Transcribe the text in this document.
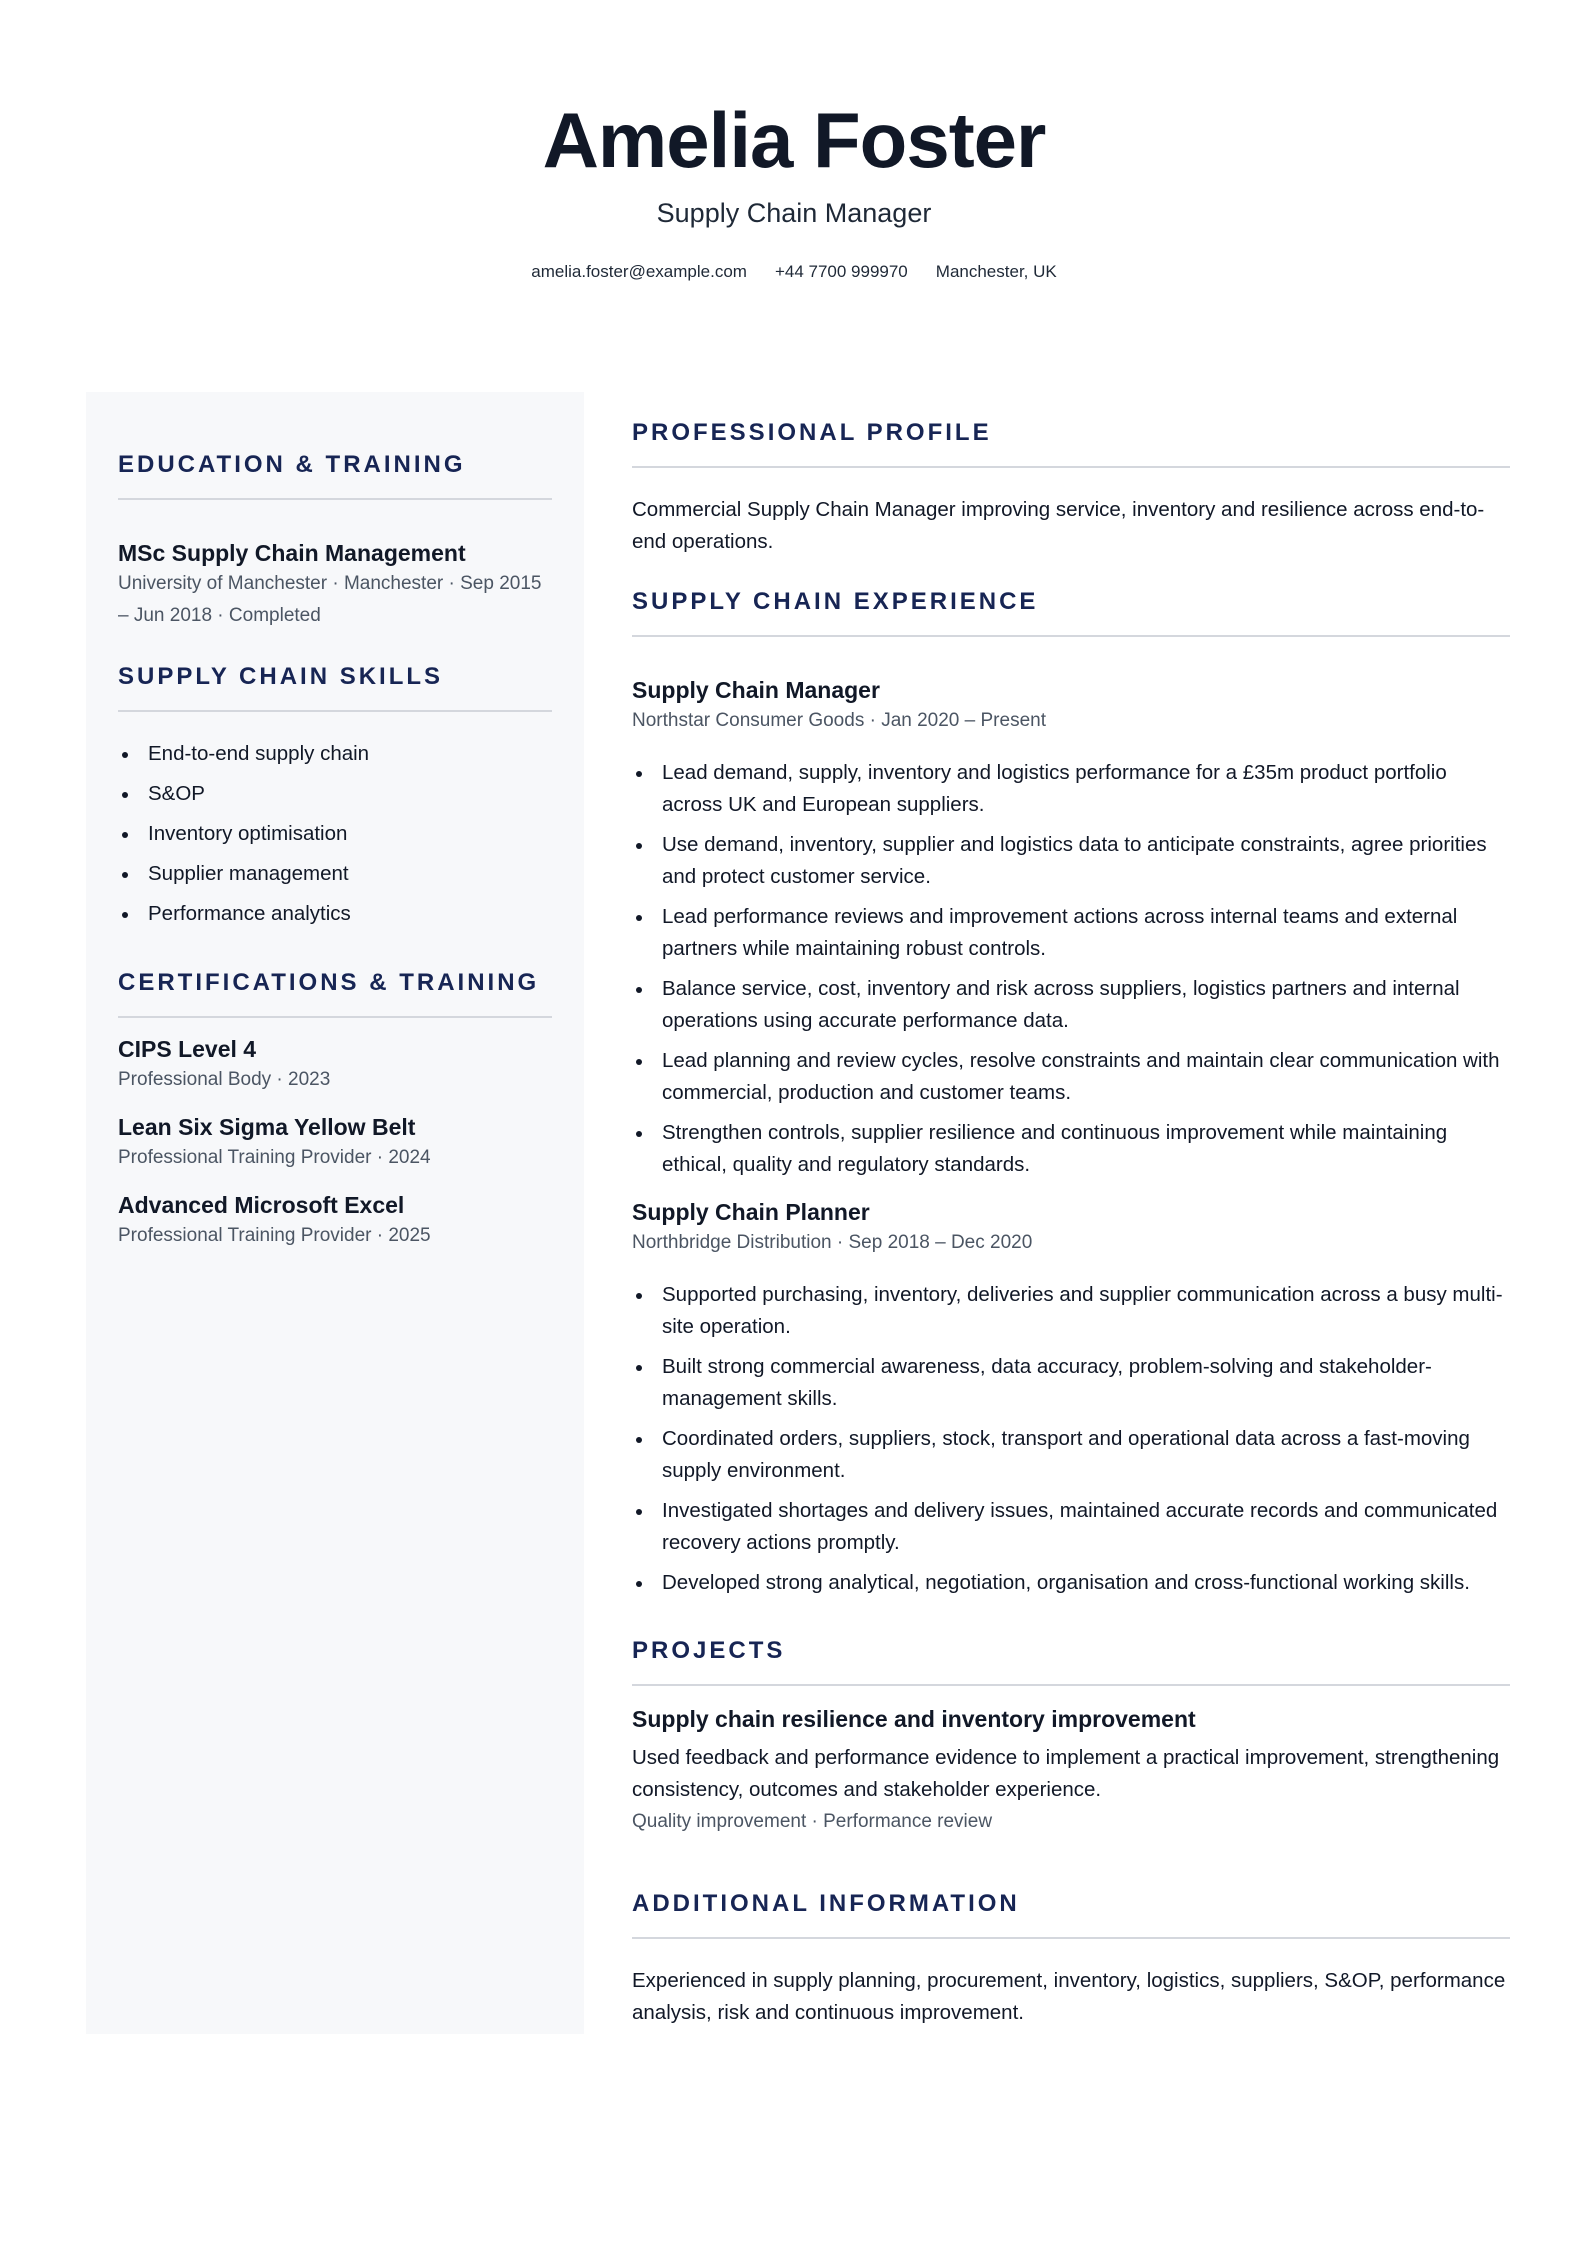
Amelia Foster
Supply Chain Manager
amelia.foster@example.com +44 7700 999970 Manchester, UK
EDUCATION & TRAINING
MSc Supply Chain Management
University of Manchester · Manchester · Sep 2015
– Jun 2018 · Completed
SUPPLY CHAIN SKILLS
End-to-end supply chain
S&OP
Inventory optimisation
Supplier management
Performance analytics
CERTIFICATIONS & TRAINING
CIPS Level 4
Professional Body · 2023
Lean Six Sigma Yellow Belt
Professional Training Provider · 2024
Advanced Microsoft Excel
Professional Training Provider · 2025
PROFESSIONAL PROFILE
Commercial Supply Chain Manager improving service, inventory and resilience across end-to-end operations.
SUPPLY CHAIN EXPERIENCE
Supply Chain Manager
Northstar Consumer Goods · Jan 2020 – Present
Lead demand, supply, inventory and logistics performance for a £35m product portfolio across UK and European suppliers.
Use demand, inventory, supplier and logistics data to anticipate constraints, agree priorities and protect customer service.
Lead performance reviews and improvement actions across internal teams and external partners while maintaining robust controls.
Balance service, cost, inventory and risk across suppliers, logistics partners and internal operations using accurate performance data.
Lead planning and review cycles, resolve constraints and maintain clear communication with commercial, production and customer teams.
Strengthen controls, supplier resilience and continuous improvement while maintaining ethical, quality and regulatory standards.
Supply Chain Planner
Northbridge Distribution · Sep 2018 – Dec 2020
Supported purchasing, inventory, deliveries and supplier communication across a busy multi-site operation.
Built strong commercial awareness, data accuracy, problem-solving and stakeholder-management skills.
Coordinated orders, suppliers, stock, transport and operational data across a fast-moving supply environment.
Investigated shortages and delivery issues, maintained accurate records and communicated recovery actions promptly.
Developed strong analytical, negotiation, organisation and cross-functional working skills.
PROJECTS
Supply chain resilience and inventory improvement
Used feedback and performance evidence to implement a practical improvement, strengthening consistency, outcomes and stakeholder experience.
Quality improvement · Performance review
ADDITIONAL INFORMATION
Experienced in supply planning, procurement, inventory, logistics, suppliers, S&OP, performance analysis, risk and continuous improvement.
